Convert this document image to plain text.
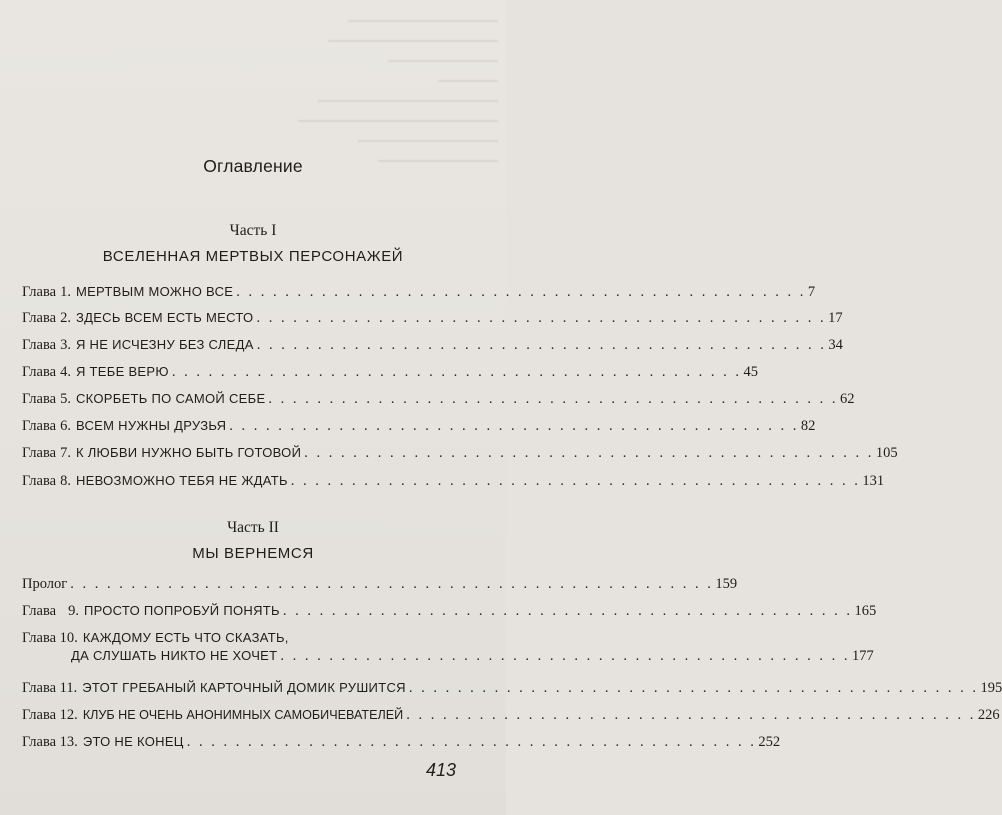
Оглавление
Часть I
ВСЕЛЕННАЯ МЕРТВЫХ ПЕРСОНАЖЕЙ
Глава 1. МЕРТВЫМ МОЖНО ВСЕ . . . . . . . . . . . . . . . . . . . . . . . . . . . . . . . . . . . . . . . . . . . . . . . 7
Глава 2. ЗДЕСЬ ВСЕМ ЕСТЬ МЕСТО . . . . . . . . . . . . . . . . . . . . . . . . . . . . . . . . . . . . . . . . . . . . . . . 17
Глава 3. Я НЕ ИСЧЕЗНУ БЕЗ СЛЕДА . . . . . . . . . . . . . . . . . . . . . . . . . . . . . . . . . . . . . . . . . . . . . . . 34
Глава 4. Я ТЕБЕ ВЕРЮ . . . . . . . . . . . . . . . . . . . . . . . . . . . . . . . . . . . . . . . . . . . . . . . 45
Глава 5. СКОРБЕТЬ ПО САМОЙ СЕБЕ . . . . . . . . . . . . . . . . . . . . . . . . . . . . . . . . . . . . . . . . . . . . . . . 62
Глава 6. ВСЕМ НУЖНЫ ДРУЗЬЯ . . . . . . . . . . . . . . . . . . . . . . . . . . . . . . . . . . . . . . . . . . . . . . . 82
Глава 7. К ЛЮБВИ НУЖНО БЫТЬ ГОТОВОЙ . . . . . . . . . . . . . . . . . . . . . . . . . . . . . . . . . . . . . . . . . . . . . . . 105
Глава 8. НЕВОЗМОЖНО ТЕБЯ НЕ ЖДАТЬ . . . . . . . . . . . . . . . . . . . . . . . . . . . . . . . . . . . . . . . . . . . . . . . 131
Часть II
МЫ ВЕРНЕМСЯ
Пролог . . . . . . . . . . . . . . . . . . . . . . . . . . . . . . . . . . . . . . . . . . . . . . . . . . . . . 159
Глава 9. ПРОСТО ПОПРОБУЙ ПОНЯТЬ . . . . . . . . . . . . . . . . . . . . . . . . . . . . . . . . . . . . . . . . . . . . . . . 165
Глава 10. КАЖДОМУ ЕСТЬ ЧТО СКАЗАТЬ,
ДА СЛУШАТЬ НИКТО НЕ ХОЧЕТ . . . . . . . . . . . . . . . . . . . . . . . . . . . . . . . . . . . . . . . . . . . . . . . 177
Глава 11. ЭТОТ ГРЕБАНЫЙ КАРТОЧНЫЙ ДОМИК РУШИТСЯ . . . . . . . . . . . . . . . . . . . . . . . . . . . . . . . . . . . . . . . . . . . . . . . 195
Глава 12. КЛУБ НЕ ОЧЕНЬ АНОНИМНЫХ САМОБИЧЕВАТЕЛЕЙ . . . . . . . . . . . . . . . . . . . . . . . . . . . . . . . . . . . . . . . . . . . . . . . 226
Глава 13. ЭТО НЕ КОНЕЦ . . . . . . . . . . . . . . . . . . . . . . . . . . . . . . . . . . . . . . . . . . . . . . . 252
413
